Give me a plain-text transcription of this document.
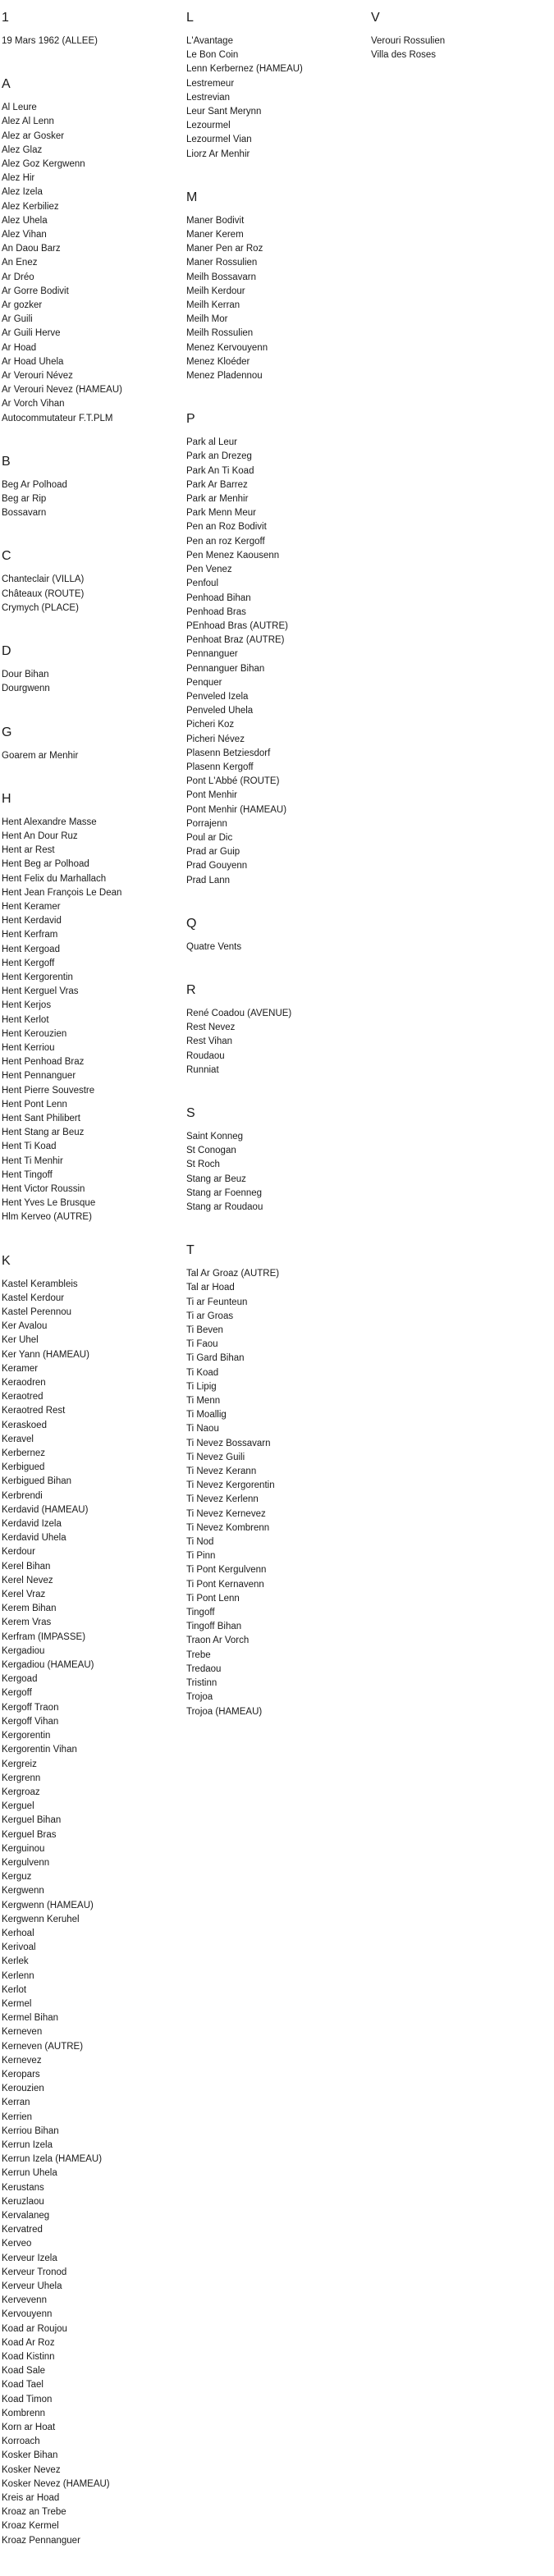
1
19 Mars 1962 (ALLEE)
A
Al Leure
Alez Al Lenn
Alez ar Gosker
Alez Glaz
Alez Goz Kergwenn
Alez Hir
Alez Izela
Alez Kerbiliez
Alez Uhela
Alez Vihan
An Daou Barz
An Enez
Ar Dréo
Ar Gorre Bodivit
Ar gozker
Ar Guili
Ar Guili Herve
Ar Hoad
Ar Hoad Uhela
Ar Verouri Névez
Ar Verouri Nevez (HAMEAU)
Ar Vorch Vihan
Autocommutateur F.T.PLM
B
Beg Ar Polhoad
Beg ar Rip
Bossavarn
C
Chanteclair (VILLA)
Châteaux (ROUTE)
Crymych (PLACE)
D
Dour Bihan
Dourgwenn
G
Goarem ar Menhir
H
Hent Alexandre Masse
Hent An Dour Ruz
Hent ar Rest
Hent Beg ar Polhoad
Hent Felix du Marhallach
Hent Jean François Le Dean
Hent Keramer
Hent Kerdavid
Hent Kerfram
Hent Kergoad
Hent Kergoff
Hent Kergorentin
Hent Kerguel Vras
Hent Kerjos
Hent Kerlot
Hent Kerouzien
Hent Kerriou
Hent Penhoad Braz
Hent Pennanguer
Hent Pierre Souvestre
Hent Pont Lenn
Hent Sant Philibert
Hent Stang ar Beuz
Hent Ti Koad
Hent Ti Menhir
Hent Tingoff
Hent Victor Roussin
Hent Yves Le Brusque
Hlm Kerveo (AUTRE)
K
Kastel Kerambleis
Kastel Kerdour
Kastel Perennou
Ker Avalou
Ker Uhel
Ker Yann (HAMEAU)
Keramer
Keraodren
Keraotred
Keraotred Rest
Keraskoed
Keravel
Kerbernez
Kerbigued
Kerbigued Bihan
Kerbrendi
Kerdavid (HAMEAU)
Kerdavid Izela
Kerdavid Uhela
Kerdour
Kerel Bihan
Kerel Nevez
Kerel Vraz
Kerem Bihan
Kerem Vras
Kerfram (IMPASSE)
Kergadiou
Kergadiou (HAMEAU)
Kergoad
Kergoff
Kergoff Traon
Kergoff Vihan
Kergorentin
Kergorentin Vihan
Kergreiz
Kergrenn
Kergroaz
Kerguel
Kerguel Bihan
Kerguel Bras
Kerguinou
Kergulvenn
Kerguz
Kergwenn
Kergwenn (HAMEAU)
Kergwenn Keruhel
Kerhoal
Kerivoal
Kerlek
Kerlenn
Kerlot
Kermel
Kermel Bihan
Kerneven
Kerneven (AUTRE)
Kernevez
Keropars
Kerouzien
Kerran
Kerrien
Kerriou Bihan
Kerrun Izela
Kerrun Izela (HAMEAU)
Kerrun Uhela
Kerustans
Keruzlaou
Kervalaneg
Kervatred
Kerveo
Kerveur Izela
Kerveur Tronod
Kerveur Uhela
Kervevenn
Kervouyenn
Koad ar Roujou
Koad Ar Roz
Koad Kistinn
Koad Sale
Koad Tael
Koad Timon
Kombrenn
Korn ar Hoat
Korroach
Kosker Bihan
Kosker Nevez
Kosker Nevez (HAMEAU)
Kreis ar Hoad
Kroaz an Trebe
Kroaz Kermel
Kroaz Pennanguer
L
L'Avantage
Le Bon Coin
Lenn Kerbernez (HAMEAU)
Lestremeur
Lestrevian
Leur Sant Merynn
Lezourmel
Lezourmel Vian
Liorz Ar Menhir
M
Maner Bodivit
Maner Kerem
Maner Pen ar Roz
Maner Rossulien
Meilh Bossavarn
Meilh Kerdour
Meilh Kerran
Meilh Mor
Meilh Rossulien
Menez Kervouyenn
Menez Kloéder
Menez Pladennou
P
Park al Leur
Park an Drezeg
Park An Ti Koad
Park Ar Barrez
Park ar Menhir
Park Menn Meur
Pen an Roz Bodivit
Pen an roz Kergoff
Pen Menez Kaousenn
Pen Venez
Penfoul
Penhoad Bihan
Penhoad Bras
PEnhoad Bras (AUTRE)
Penhoat Braz (AUTRE)
Pennanguer
Pennanguer Bihan
Penquer
Penveled Izela
Penveled Uhela
Picheri Koz
Picheri Névez
Plasenn Betziesdorf
Plasenn Kergoff
Pont L'Abbé (ROUTE)
Pont Menhir
Pont Menhir (HAMEAU)
Porrajenn
Poul ar Dic
Prad ar Guip
Prad Gouyenn
Prad Lann
Q
Quatre Vents
R
René Coadou (AVENUE)
Rest Nevez
Rest Vihan
Roudaou
Runniat
S
Saint Konneg
St Conogan
St Roch
Stang ar Beuz
Stang ar Foenneg
Stang ar Roudaou
T
Tal Ar Groaz (AUTRE)
Tal ar Hoad
Ti ar Feunteun
Ti ar Groas
Ti Beven
Ti Faou
Ti Gard Bihan
Ti Koad
Ti Lipig
Ti Menn
Ti Moallig
Ti Naou
Ti Nevez Bossavarn
Ti Nevez Guili
Ti Nevez Kerann
Ti Nevez Kergorentin
Ti Nevez Kerlenn
Ti Nevez Kernevez
Ti Nevez Kombrenn
Ti Nod
Ti Pinn
Ti Pont Kergulvenn
Ti Pont Kernavenn
Ti Pont Lenn
Tingoff
Tingoff Bihan
Traon Ar Vorch
Trebe
Tredaou
Tristinn
Trojoa
Trojoa (HAMEAU)
V
Verouri Rossulien
Villa des Roses
